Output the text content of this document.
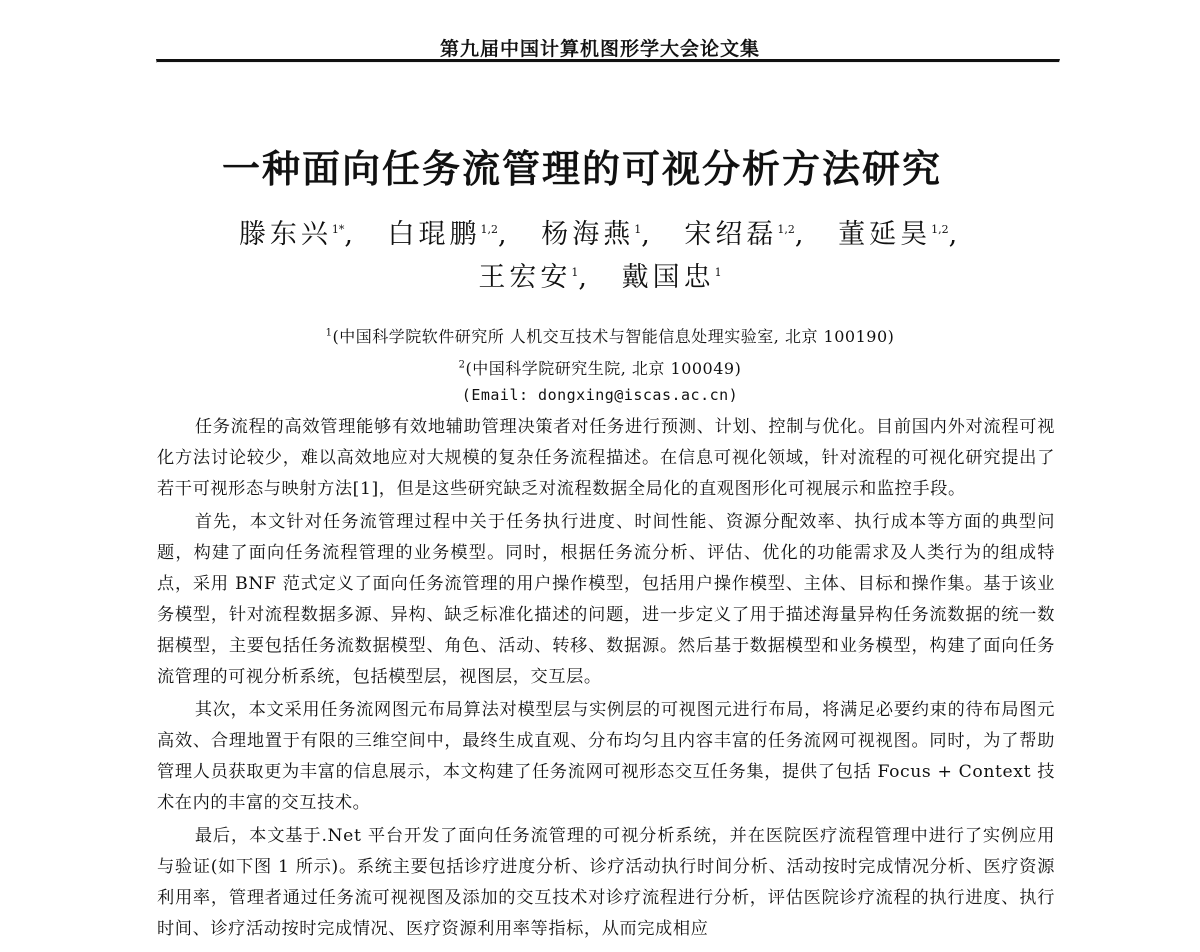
第九届中国计算机图形学大会论文集
一种面向任务流管理的可视分析方法研究
滕东兴$^{1*}$, 白琨鹏$^{1,2}$, 杨海燕$^1$, 宋绍磊$^{1,2}$, 董延昊$^{1,2}$,
王宏安$^1$, 戴国忠$^1$
$^1$(中国科学院软件研究所 人机交互技术与智能信息处理实验室, 北京 100190)
$^2$(中国科学院研究生院, 北京 100049)
(Email: dongxing@iscas.ac.cn)

任务流程的高效管理能够有效地辅助管理决策者对任务进行预测、计划、控制与优化。目前国内外对流程可视化方法讨论较少，难以高效地应对大规模的复杂任务流程描述。在信息可视化领域，针对流程的可视化研究提出了若干可视形态与映射方法[1]，但是这些研究缺乏对流程数据全局化的直观图形化可视展示和监控手段。

首先，本文针对任务流管理过程中关于任务执行进度、时间性能、资源分配效率、执行成本等方面的典型问题，构建了面向任务流程管理的业务模型。同时，根据任务流分析、评估、优化的功能需求及人类行为的组成特点，采用 BNF 范式定义了面向任务流管理的用户操作模型，包括用户操作模型、主体、目标和操作集。基于该业务模型，针对流程数据多源、异构、缺乏标准化描述的问题，进一步定义了用于描述海量异构任务流数据的统一数据模型，主要包括任务流数据模型、角色、活动、转移、数据源。然后基于数据模型和业务模型，构建了面向任务流管理的可视分析系统，包括模型层，视图层，交互层。

其次，本文采用任务流网图元布局算法对模型层与实例层的可视图元进行布局，将满足必要约束的待布局图元高效、合理地置于有限的三维空间中，最终生成直观、分布均匀且内容丰富的任务流网可视视图。同时，为了帮助管理人员获取更为丰富的信息展示，本文构建了任务流网可视形态交互任务集，提供了包括 Focus + Context 技术在内的丰富的交互技术。

最后，本文基于.Net 平台开发了面向任务流管理的可视分析系统，并在医院医疗流程管理中进行了实例应用与验证(如下图 1 所示)。系统主要包括诊疗进度分析、诊疗活动执行时间分析、活动按时完成情况分析、医疗资源利用率，管理者通过任务流可视视图及添加的交互技术对诊疗流程进行分析，评估医院诊疗流程的执行进度、执行时间、诊疗活动按时完成情况、医疗资源利用率等指标，从而完成相应
